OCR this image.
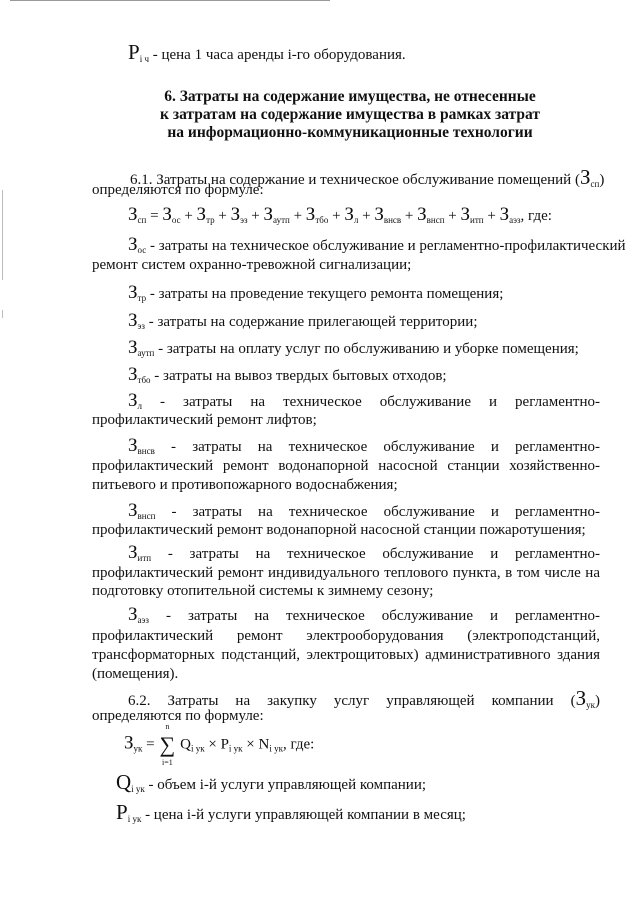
$P_{i ч}$ - цена 1 часа аренды i-го оборудования.
6. Затраты на содержание имущества, не отнесенные
к затратам на содержание имущества в рамках затрат
на информационно-коммуникационные технологии
6.1. Затраты на содержание и техническое обслуживание помещений $(З_{сп})$
определяются по формуле:
$З_{сп} = З_{ос} + З_{тр} + З_{эз} + З_{аутп} + З_{тбо} + З_л + З_{внсв} + З_{внсп} + З_{итп} + З_{аэз}$, где:
$З_{ос}$ - затраты на техническое обслуживание и регламентно-профилактический
ремонт систем охранно-тревожной сигнализации;
$З_{тр}$ - затраты на проведение текущего ремонта помещения;
$З_{эз}$ - затраты на содержание прилегающей территории;
$З_{аутп}$ - затраты на оплату услуг по обслуживанию и уборке помещения;
$З_{тбо}$ - затраты на вывоз твердых бытовых отходов;
$З_л$ - затраты на техническое обслуживание и регламентно-
профилактический ремонт лифтов;
$З_{внсв}$ - затраты на техническое обслуживание и регламентно-
профилактический ремонт водонапорной насосной станции хозяйственно-
питьевого и противопожарного водоснабжения;
$З_{внсп}$ - затраты на техническое обслуживание и регламентно-
профилактический ремонт водонапорной насосной станции пожаротушения;
$З_{итп}$ - затраты на техническое обслуживание и регламентно-
профилактический ремонт индивидуального теплового пункта, в том числе на
подготовку отопительной системы к зимнему сезону;
$З_{аэз}$ - затраты на техническое обслуживание и регламентно-
профилактический ремонт электрооборудования (электроподстанций,
трансформаторных подстанций, электрощитовых) административного здания
(помещения).
6.2. Затраты на закупку услуг управляющей компании $(З_{ук})$
определяются по формуле:
$З_{ук}$ =
n
∑
i=1
$Q_{i ук} \times P_{i ук} \times N_{i ук}$, где:
$Q_{i ук}$ - объем i-й услуги управляющей компании;
$P_{i ук}$ - цена i-й услуги управляющей компании в месяц;
